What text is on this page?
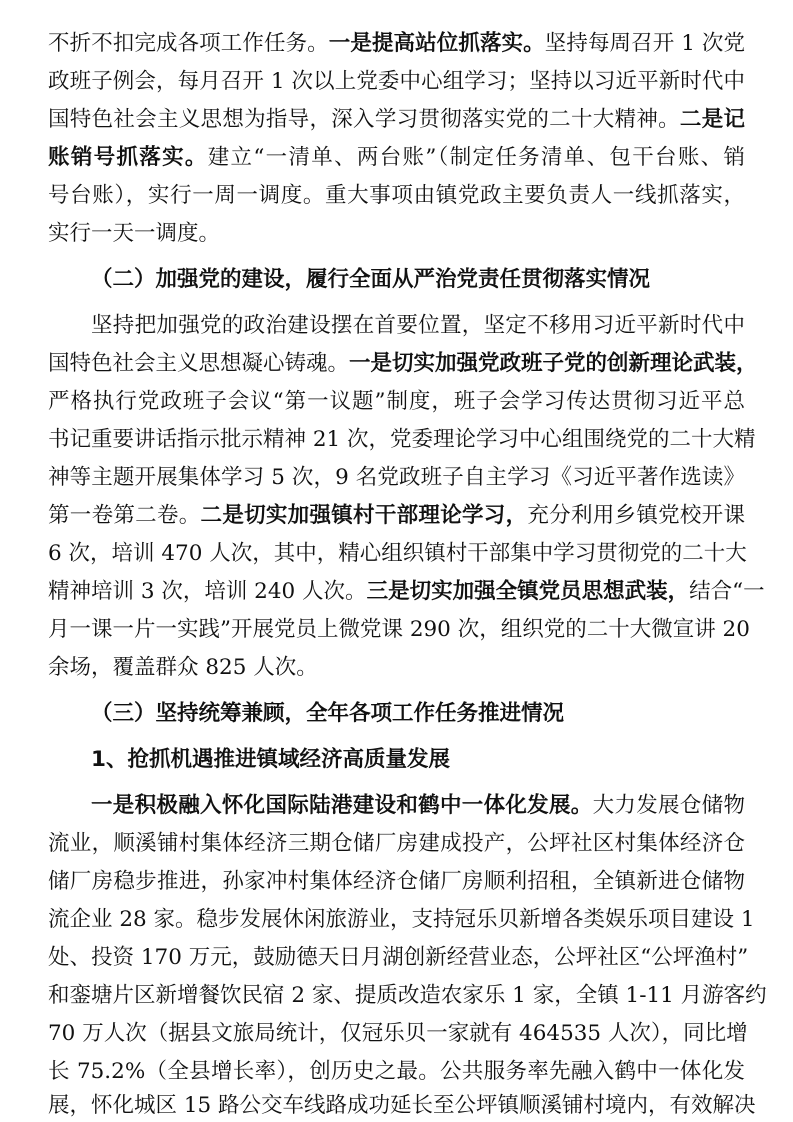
不折不扣完成各项工作任务。一是提高站位抓落实。坚持每周召开 1 次党
政班子例会，每月召开 1 次以上党委中心组学习；坚持以习近平新时代中
国特色社会主义思想为指导，深入学习贯彻落实党的二十大精神。二是记
账销号抓落实。建立“一清单、两台账”（制定任务清单、包干台账、销
号台账），实行一周一调度。重大事项由镇党政主要负责人一线抓落实，
实行一天一调度。
（二）加强党的建设，履行全面从严治党责任贯彻落实情况
坚持把加强党的政治建设摆在首要位置，坚定不移用习近平新时代中
国特色社会主义思想凝心铸魂。一是切实加强党政班子党的创新理论武装，
严格执行党政班子会议“第一议题”制度，班子会学习传达贯彻习近平总
书记重要讲话指示批示精神 21 次，党委理论学习中心组围绕党的二十大精
神等主题开展集体学习 5 次，9 名党政班子自主学习《习近平著作选读》
第一卷第二卷。二是切实加强镇村干部理论学习，充分利用乡镇党校开课
6 次，培训 470 人次，其中，精心组织镇村干部集中学习贯彻党的二十大
精神培训 3 次，培训 240 人次。三是切实加强全镇党员思想武装，结合“一
月一课一片一实践”开展党员上微党课 290 次，组织党的二十大微宣讲 20
余场，覆盖群众 825 人次。
（三）坚持统筹兼顾，全年各项工作任务推进情况
1、抢抓机遇推进镇域经济高质量发展
一是积极融入怀化国际陆港建设和鹤中一体化发展。大力发展仓储物
流业，顺溪铺村集体经济三期仓储厂房建成投产，公坪社区村集体经济仓
储厂房稳步推进，孙家冲村集体经济仓储厂房顺利招租，全镇新进仓储物
流企业 28 家。稳步发展休闲旅游业，支持冠乐贝新增各类娱乐项目建设 1
处、投资 170 万元，鼓励德天日月湖创新经营业态，公坪社区“公坪渔村”
和銮塘片区新增餐饮民宿 2 家、提质改造农家乐 1 家，全镇 1-11 月游客约
70 万人次（据县文旅局统计，仅冠乐贝一家就有 464535 人次），同比增
长 75.2%（全县增长率），创历史之最。公共服务率先融入鹤中一体化发
展，怀化城区 15 路公交车线路成功延长至公坪镇顺溪铺村境内，有效解决
